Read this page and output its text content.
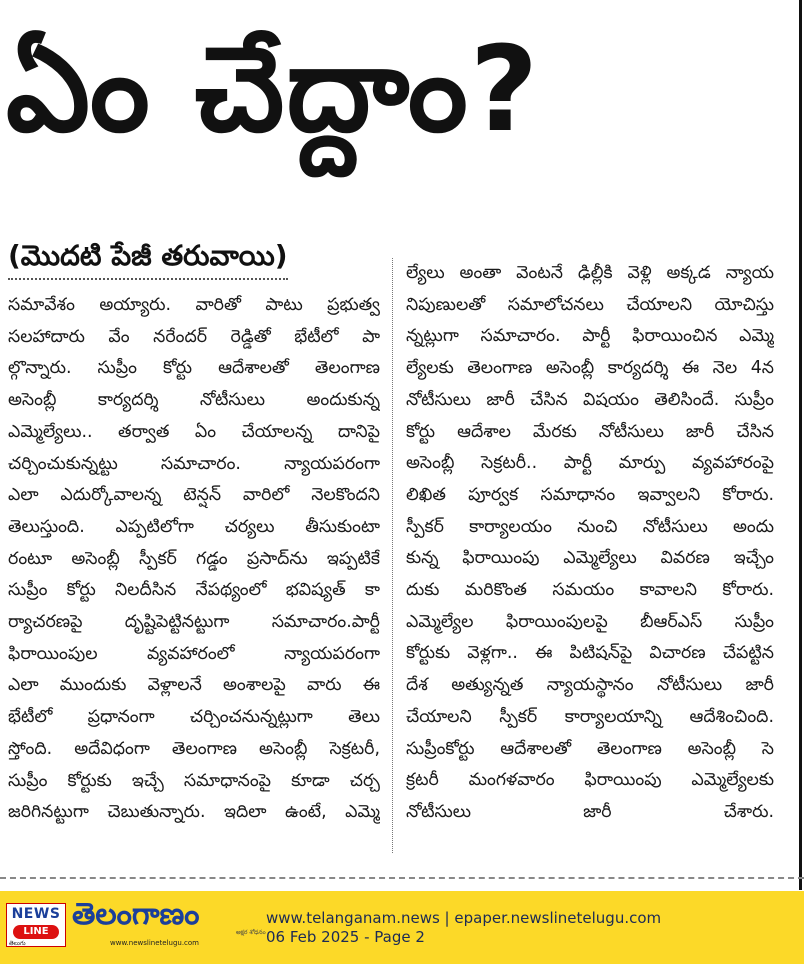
ఏం చేద్దాం?
(మొదటి పేజీ తరువాయి)
సమావేశం అయ్యారు. వారితో పాటు ప్రభుత్వ
సలహాదారు వేం నరేందర్ రెడ్డితో భేటీలో పా
ల్గొన్నారు. సుప్రీం కోర్టు ఆదేశాలతో తెలంగాణ
అసెంబ్లీ కార్యదర్శి నోటీసులు అందుకున్న
ఎమ్మెల్యేలు.. తర్వాత ఏం చేయాలన్న దానిపై
చర్చించుకున్నట్టు సమాచారం. న్యాయపరంగా
ఎలా ఎదుర్కోవాలన్న టెన్షన్ వారిలో నెలకొందని
తెలుస్తుంది. ఎప్పటిలోగా చర్యలు తీసుకుంటా
రంటూ అసెంబ్లీ స్పీకర్ గడ్డం ప్రసాద్‌ను ఇప్పటికే
సుప్రీం కోర్టు నిలదీసిన నేపథ్యంలో భవిష్యత్ కా
ర్యాచరణపై దృష్టిపెట్టినట్టుగా సమాచారం.పార్టీ
ఫిరాయింపుల వ్యవహారంలో న్యాయపరంగా
ఎలా ముందుకు వెళ్లాలనే అంశాలపై వారు ఈ
భేటీలో ప్రధానంగా చర్చించనున్నట్లుగా తెలు
స్తోంది. అదేవిధంగా తెలంగాణ అసెంబ్లీ సెక్రటరీ,
సుప్రీం కోర్టుకు ఇచ్చే సమాధానంపై కూడా చర్చ
జరిగినట్టుగా చెబుతున్నారు. ఇదిలా ఉంటే, ఎమ్మె
ల్యేలు అంతా వెంటనే ఢిల్లీకి వెళ్లి అక్కడ న్యాయ
నిపుణులతో సమాలోచనలు చేయాలని యోచిస్తు
న్నట్లుగా సమాచారం. పార్టీ ఫిరాయించిన ఎమ్మె
ల్యేలకు తెలంగాణ అసెంబ్లీ కార్యదర్శి ఈ నెల 4న
నోటీసులు జారీ చేసిన విషయం తెలిసిందే. సుప్రీం
కోర్టు ఆదేశాల మేరకు నోటీసులు జారీ చేసిన
అసెంబ్లీ సెక్రటరీ.. పార్టీ మార్పు వ్యవహారంపై
లిఖిత పూర్వక సమాధానం ఇవ్వాలని కోరారు.
స్పీకర్ కార్యాలయం నుంచి నోటీసులు అందు
కున్న ఫిరాయింపు ఎమ్మెల్యేలు వివరణ ఇచ్చేం
దుకు మరికొంత సమయం కావాలని కోరారు.
ఎమ్మెల్యేల ఫిరాయింపులపై బీఆర్ఎస్ సుప్రీం
కోర్టుకు వెళ్లగా.. ఈ పిటిషన్‌పై విచారణ చేపట్టిన
దేశ అత్యున్నత న్యాయస్థానం నోటీసులు జారీ
చేయాలని స్పీకర్ కార్యాలయాన్ని ఆదేశించింది.
సుప్రీంకోర్టు ఆదేశాలతో తెలంగాణ అసెంబ్లీ సె
క్రటరీ మంగళవారం ఫిరాయింపు ఎమ్మెల్యేలకు
నోటీసులు జారీ చేశారు.
NEWS
LINE
తెలుగు
తెలంగాణం
www.newslinetelugu.com
అక్షర శోధనం
www.telanganam.news | epaper.newslinetelugu.com
06 Feb 2025 - Page 2
